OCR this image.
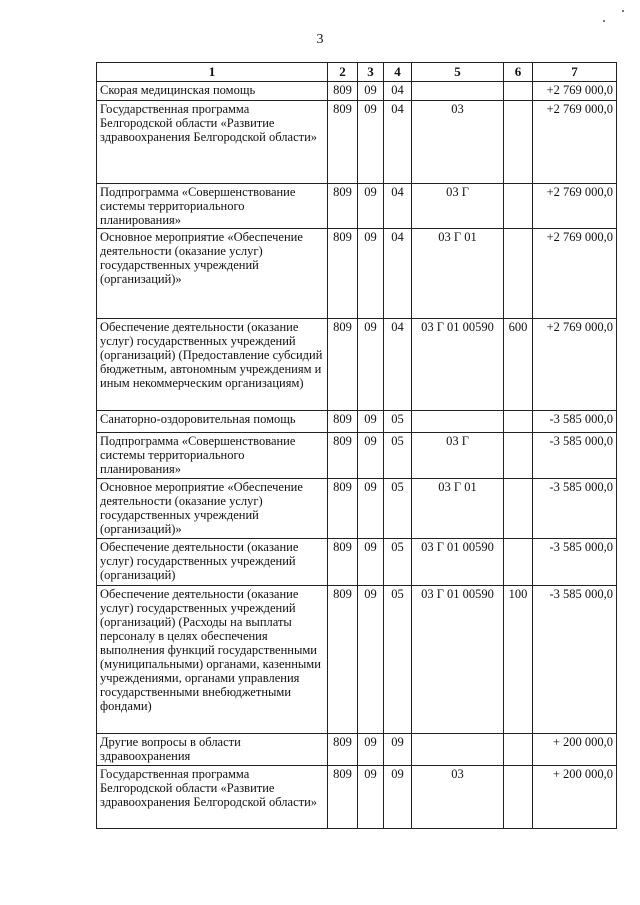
3
1	2	3	4	5	6	7
Скорая медицинская помощь	809	09	04			+2 769 000,0
Государственная программа Белгородской области «Развитие здравоохранения Белгородской области»	809	09	04	03		+2 769 000,0
Подпрограмма «Совершенствование системы территориального планирования»	809	09	04	03 Г		+2 769 000,0
Основное мероприятие «Обеспечение деятельности (оказание услуг) государственных учреждений (организаций)»	809	09	04	03 Г 01		+2 769 000,0
Обеспечение деятельности (оказание услуг) государственных учреждений (организаций) (Предоставление субсидий бюджетным, автономным учреждениям и иным некоммерческим организациям)	809	09	04	03 Г 01 00590	600	+2 769 000,0
Санаторно-оздоровительная помощь	809	09	05			-3 585 000,0
Подпрограмма «Совершенствование системы территориального планирования»	809	09	05	03 Г		-3 585 000,0
Основное мероприятие «Обеспечение деятельности (оказание услуг) государственных учреждений (организаций)»	809	09	05	03 Г 01		-3 585 000,0
Обеспечение деятельности (оказание услуг) государственных учреждений (организаций)	809	09	05	03 Г 01 00590		-3 585 000,0
Обеспечение деятельности (оказание услуг) государственных учреждений (организаций) (Расходы на выплаты персоналу в целях обеспечения выполнения функций государственными (муниципальными) органами, казенными учреждениями, органами управления государственными внебюджетными фондами)	809	09	05	03 Г 01 00590	100	-3 585 000,0
Другие вопросы в области здравоохранения	809	09	09			+ 200 000,0
Государственная программа Белгородской области «Развитие здравоохранения Белгородской области»	809	09	09	03		+ 200 000,0
